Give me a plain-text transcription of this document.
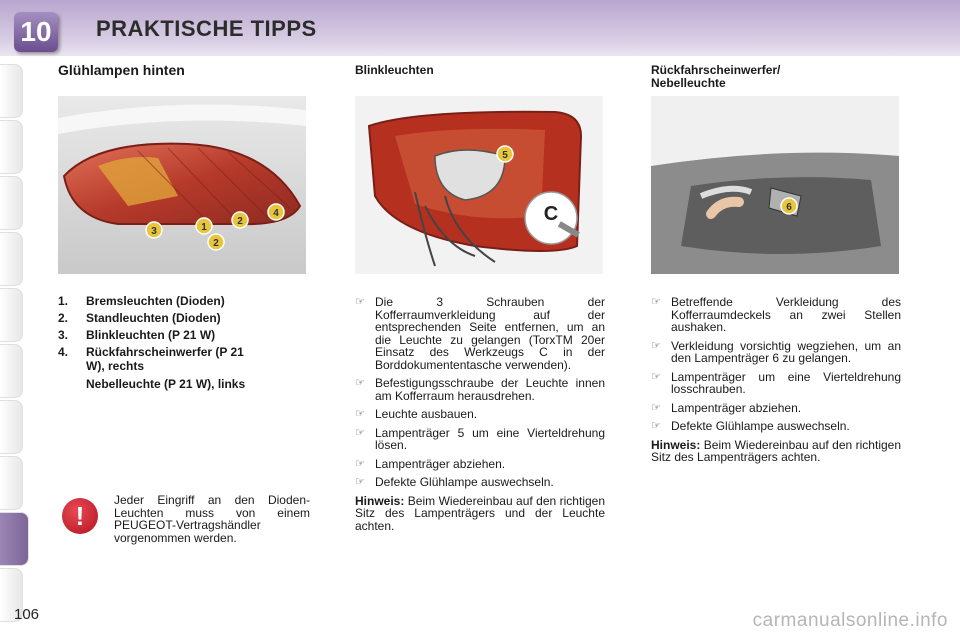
10 PRAKTISCHE TIPPS
Glühlampen hinten
3	1
2
4
2
1.	Bremsleuchten (Dioden)
2.	Standleuchten (Dioden)
3.	Blinkleuchten (P 21 W)
4.	Rückfahrscheinwerfer (P 21 W), rechts
Nebelleuchte (P 21 W), links
!
Jeder Eingriff an den Dioden-Leuchten muss von einem PEUGEOT-Vertragshändler vorgenommen werden.
Blinkleuchten
5
C
☞ Die 3 Schrauben der Kofferraumverkleidung auf der entsprechenden Seite entfernen, um an die Leuchte zu gelangen (TorxTM 20er Einsatz des Werkzeugs C in der Borddokumententasche verwenden).
☞ Befestigungsschraube der Leuchte innen am Kofferraum herausdrehen.
☞ Leuchte ausbauen.
☞ Lampenträger 5 um eine Vierteldrehung lösen.
☞ Lampenträger abziehen.
☞ Defekte Glühlampe auswechseln.
Hinweis: Beim Wiedereinbau auf den richtigen Sitz des Lampenträgers und der Leuchte achten.
Rückfahrscheinwerfer/ Nebelleuchte
6
☞ Betreffende Verkleidung des Kofferraumdeckels an zwei Stellen aushaken.
☞ Verkleidung vorsichtig wegziehen, um an den Lampenträger 6 zu gelangen.
☞ Lampenträger um eine Vierteldrehung losschrauben.
☞ Lampenträger abziehen.
☞ Defekte Glühlampe auswechseln.
Hinweis: Beim Wiedereinbau auf den richtigen Sitz des Lampenträgers achten.
106	carmanualsonline.info
